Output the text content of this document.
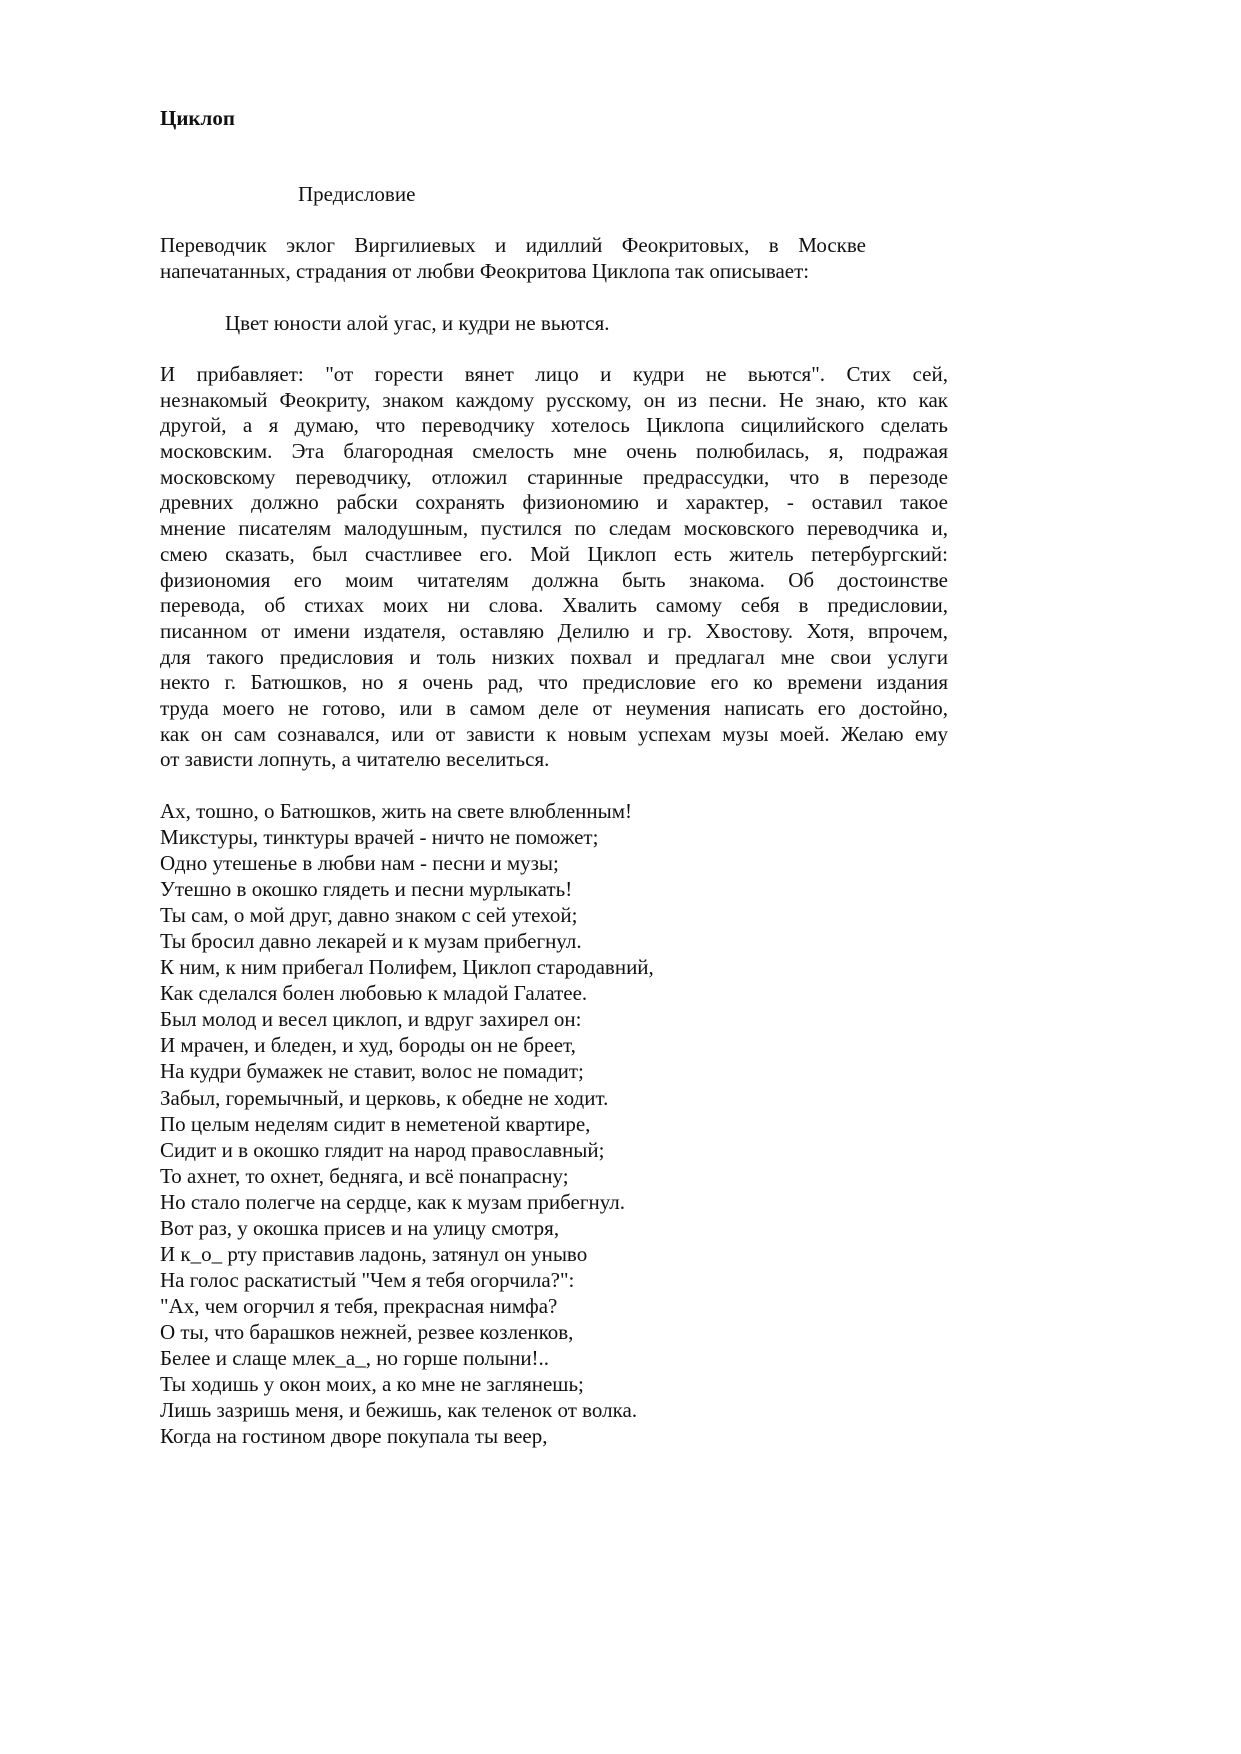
Циклоп
Предисловие
Переводчик эклог Виргилиевых и идиллий Феокритовых, в Москве
напечатанных, страдания от любви Феокритова Циклопа так описывает:
Цвет юности алой угас, и кудри не вьются.
И прибавляет: "от горести вянет лицо и кудри не вьются". Стих сей,
незнакомый Феокриту, знаком каждому русскому, он из песни. Не знаю, кто как
другой, а я думаю, что переводчику хотелось Циклопа сицилийского сделать
московским. Эта благородная смелость мне очень полюбилась, я, подражая
московскому переводчику, отложил старинные предрассудки, что в перезоде
древних должно рабски сохранять физиономию и характер, - оставил такое
мнение писателям малодушным, пустился по следам московского переводчика и,
смею сказать, был счастливее его. Мой Циклоп есть житель петербургский:
физиономия его моим читателям должна быть знакома. Об достоинстве
перевода, об стихах моих ни слова. Хвалить самому себя в предисловии,
писанном от имени издателя, оставляю Делилю и гр. Хвостову. Хотя, впрочем,
для такого предисловия и толь низких похвал и предлагал мне свои услуги
некто г. Батюшков, но я очень рад, что предисловие его ко времени издания
труда моего не готово, или в самом деле от неумения написать его достойно,
как он сам сознавался, или от зависти к новым успехам музы моей. Желаю ему
от зависти лопнуть, а читателю веселиться.
Ах, тошно, о Батюшков, жить на свете влюбленным!
Микстуры, тинктуры врачей - ничто не поможет;
Одно утешенье в любви нам - песни и музы;
Утешно в окошко глядеть и песни мурлыкать!
Ты сам, о мой друг, давно знаком с сей утехой;
Ты бросил давно лекарей и к музам прибегнул.
К ним, к ним прибегал Полифем, Циклоп стародавний,
Как сделался болен любовью к младой Галатее.
Был молод и весел циклоп, и вдруг захирел он:
И мрачен, и бледен, и худ, бороды он не бреет,
На кудри бумажек не ставит, волос не помадит;
Забыл, горемычный, и церковь, к обедне не ходит.
По целым неделям сидит в неметеной квартире,
Сидит и в окошко глядит на народ православный;
То ахнет, то охнет, бедняга, и всё понапрасну;
Но стало полегче на сердце, как к музам прибегнул.
Вот раз, у окошка присев и на улицу смотря,
И к_о_ рту приставив ладонь, затянул он уныво
На голос раскатистый "Чем я тебя огорчила?":
"Ах, чем огорчил я тебя, прекрасная нимфа?
О ты, что барашков нежней, резвее козленков,
Белее и слаще млек_а_, но горше полыни!..
Ты ходишь у окон моих, а ко мне не заглянешь;
Лишь зазришь меня, и бежишь, как теленок от волка.
Когда на гостином дворе покупала ты веер,
